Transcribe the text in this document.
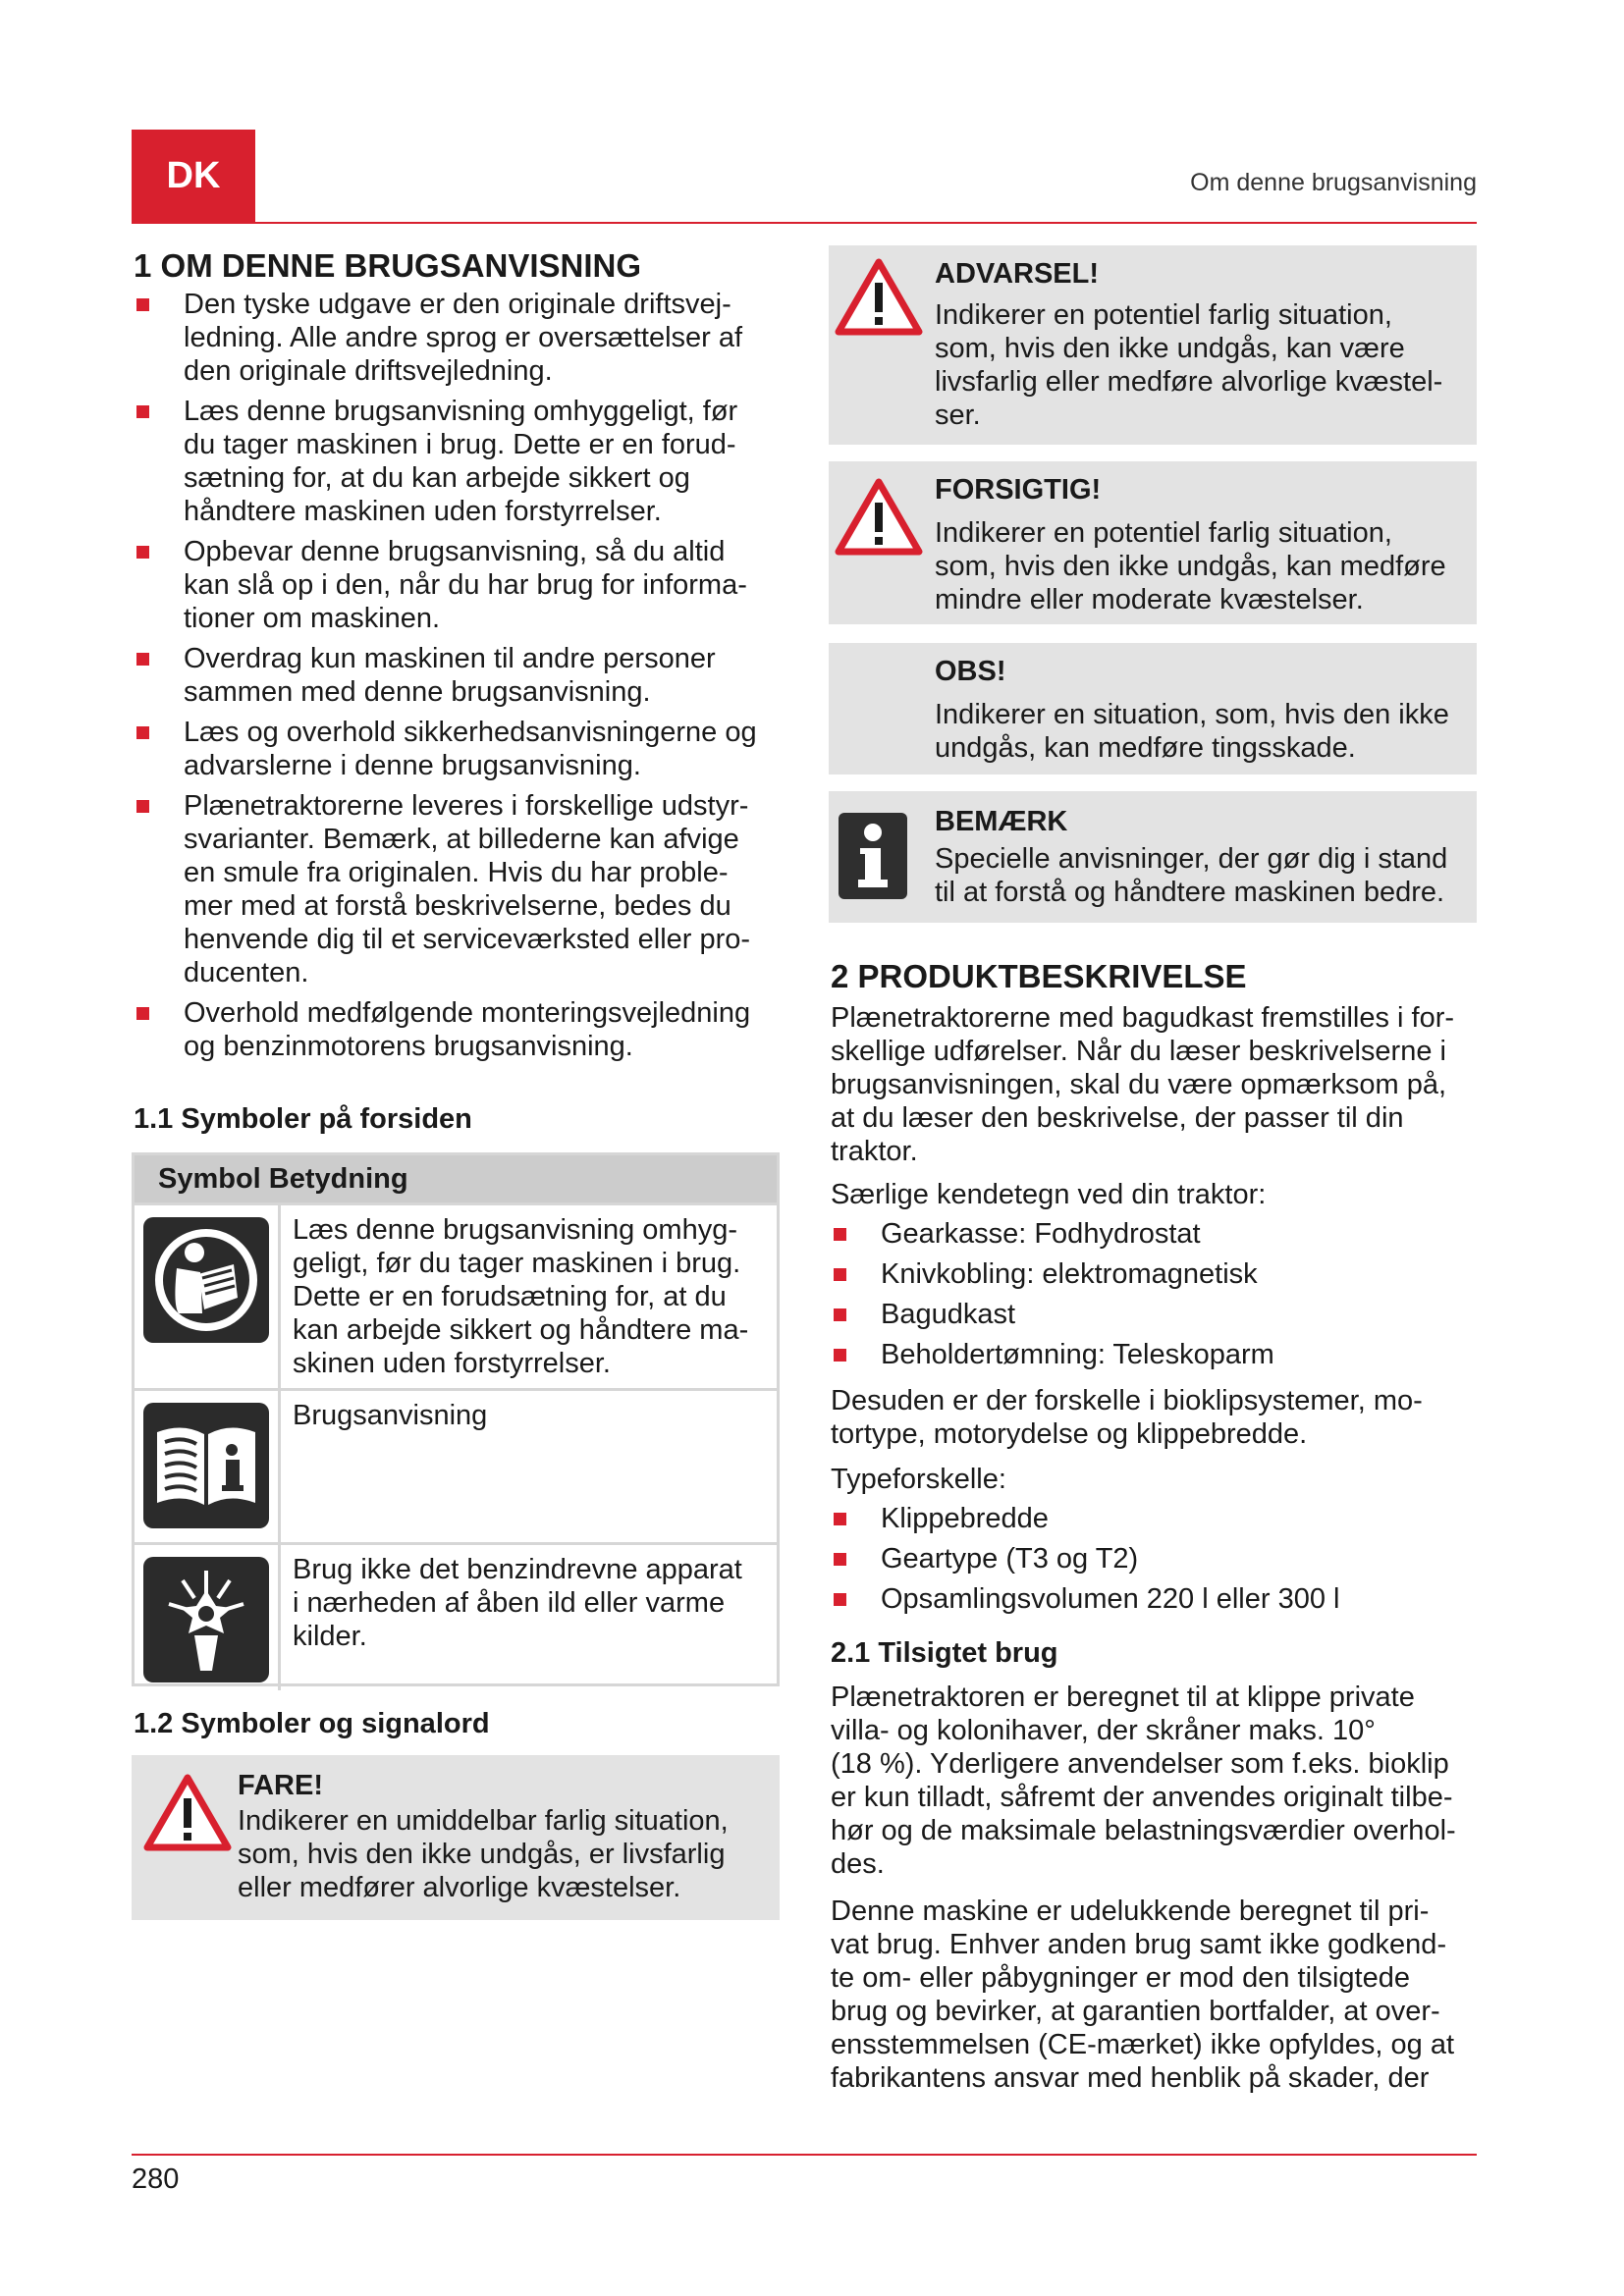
DK	Om denne brugsanvisning
1 OM DENNE BRUGSANVISNING
Den tyske udgave er den originale driftsvej-
ledning. Alle andre sprog er oversættelser af
den originale driftsvejledning.
Læs denne brugsanvisning omhyggeligt, før
du tager maskinen i brug. Dette er en forud-
sætning for, at du kan arbejde sikkert og
håndtere maskinen uden forstyrrelser.
Opbevar denne brugsanvisning, så du altid
kan slå op i den, når du har brug for informa-
tioner om maskinen.
Overdrag kun maskinen til andre personer
sammen med denne brugsanvisning.
Læs og overhold sikkerhedsanvisningerne og
advarslerne i denne brugsanvisning.
Plænetraktorerne leveres i forskellige udstyr-
svarianter. Bemærk, at billederne kan afvige
en smule fra originalen. Hvis du har proble-
mer med at forstå beskrivelserne, bedes du
henvende dig til et serviceværksted eller pro-
ducenten.
Overhold medfølgende monteringsvejledning
og benzinmotorens brugsanvisning.
1.1 Symboler på forsiden
Symbol Betydning
Læs denne brugsanvisning omhyg-
geligt, før du tager maskinen i brug.
Dette er en forudsætning for, at du
kan arbejde sikkert og håndtere ma-
skinen uden forstyrrelser.
Brugsanvisning
Brug ikke det benzindrevne apparat
i nærheden af åben ild eller varme
kilder.
1.2 Symboler og signalord
FARE!
Indikerer en umiddelbar farlig situation,
som, hvis den ikke undgås, er livsfarlig
eller medfører alvorlige kvæstelser.
ADVARSEL!
Indikerer en potentiel farlig situation,
som, hvis den ikke undgås, kan være
livsfarlig eller medføre alvorlige kvæstel-
ser.
FORSIGTIG!
Indikerer en potentiel farlig situation,
som, hvis den ikke undgås, kan medføre
mindre eller moderate kvæstelser.
OBS!
Indikerer en situation, som, hvis den ikke
undgås, kan medføre tingsskade.
BEMÆRK
Specielle anvisninger, der gør dig i stand
til at forstå og håndtere maskinen bedre.
2 PRODUKTBESKRIVELSE
Plænetraktorerne med bagudkast fremstilles i for-
skellige udførelser. Når du læser beskrivelserne i
brugsanvisningen, skal du være opmærksom på,
at du læser den beskrivelse, der passer til din
traktor.
Særlige kendetegn ved din traktor:
Gearkasse: Fodhydrostat
Knivkobling: elektromagnetisk
Bagudkast
Beholdertømning: Teleskoparm
Desuden er der forskelle i bioklipsystemer, mo-
tortype, motorydelse og klippebredde.
Typeforskelle:
Klippebredde
Geartype (T3 og T2)
Opsamlingsvolumen 220 l eller 300 l
2.1 Tilsigtet brug
Plænetraktoren er beregnet til at klippe private
villa- og kolonihaver, der skråner maks. 10°
(18 %). Yderligere anvendelser som f.eks. bioklip
er kun tilladt, såfremt der anvendes originalt tilbe-
hør og de maksimale belastningsværdier overhol-
des.
Denne maskine er udelukkende beregnet til pri-
vat brug. Enhver anden brug samt ikke godkend-
te om- eller påbygninger er mod den tilsigtede
brug og bevirker, at garantien bortfalder, at over-
ensstemmelsen (CE-mærket) ikke opfyldes, og at
fabrikantens ansvar med henblik på skader, der
280
